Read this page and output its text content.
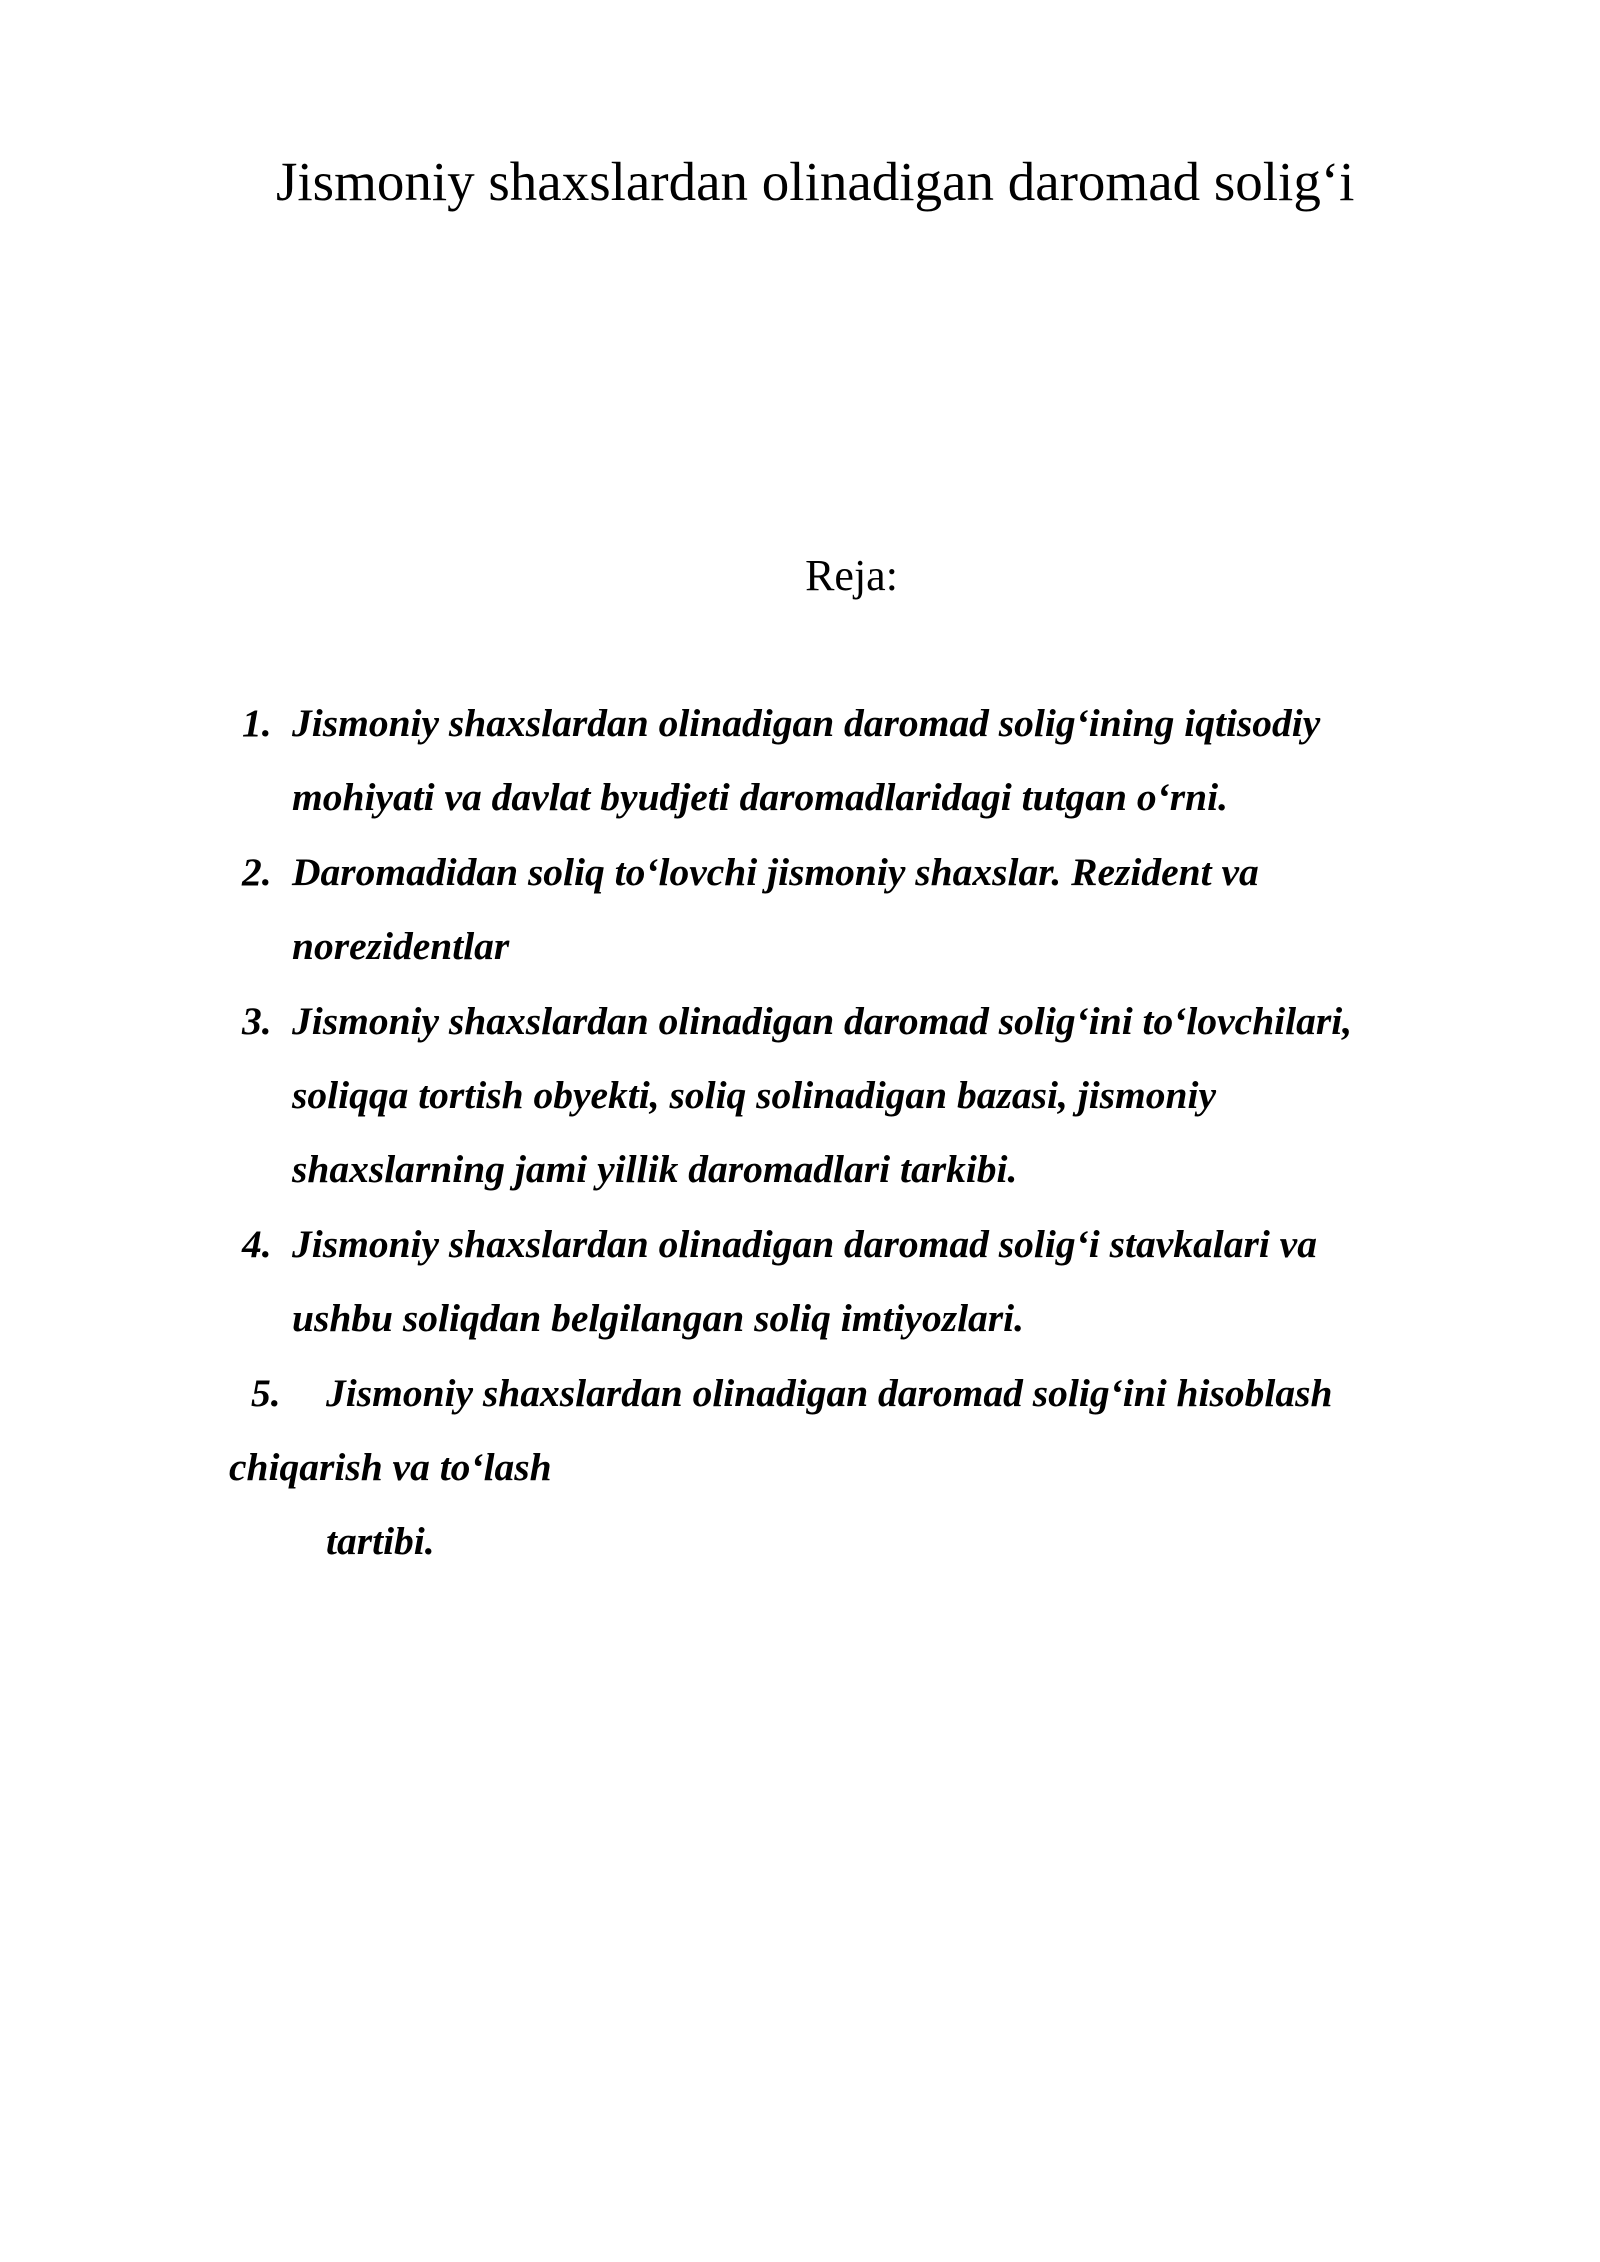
Jismoniy shaxslardan olinadigan daromad solig‘i
Reja:
1. Jismoniy shaxslardan olinadigan daromad solig‘ining iqtisodiy

mohiyati va davlat byudjeti daromadlaridagi tutgan o‘rni.

2. Daromadidan soliq to‘lovchi jismoniy shaxslar. Rezident va

norezidentlar

3. Jismoniy shaxslardan olinadigan daromad solig‘ini to‘lovchilari,

soliqqa tortish obyekti, soliq solinadigan bazasi, jismoniy

shaxslarning jami yillik daromadlari tarkibi.

4. Jismoniy shaxslardan olinadigan daromad solig‘i stavkalari va

ushbu soliqdan belgilangan soliq imtiyozlari.

5. Jismoniy shaxslardan olinadigan daromad solig‘ini hisoblash

chiqarish va to‘lash

tartibi.
